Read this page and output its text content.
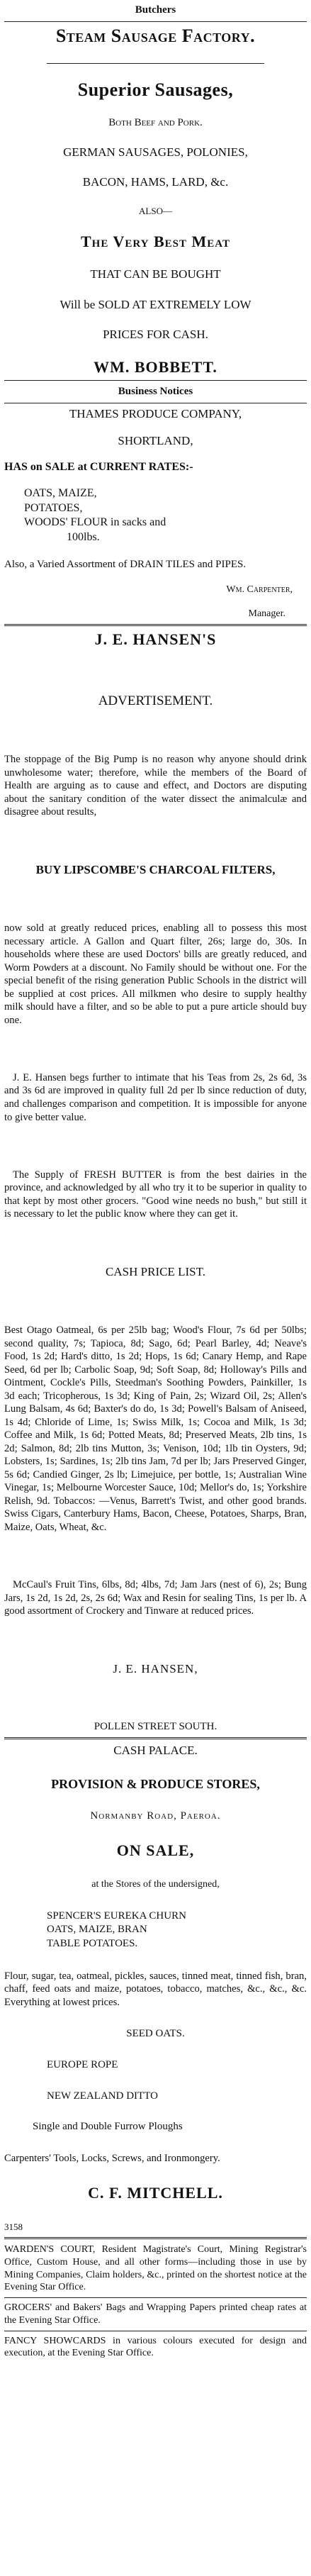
Butchers
Steam Sausage Factory.
Superior Sausages,
Both Beef and Pork.
GERMAN SAUSAGES, POLONIES,
BACON, HAMS, LARD, &c.
ALSO—
The Very Best Meat
THAT CAN BE BOUGHT
Will be SOLD AT EXTREMELY LOW
PRICES FOR CASH.
WM. BOBBETT.
Business Notices
THAMES PRODUCE COMPANY,
SHORTLAND,
HAS on SALE at CURRENT RATES:-
OATS, MAIZE,
POTATOES,
WOODS' FLOUR in sacks and
100lbs.
Also, a Varied Assortment of DRAIN TILES and PIPES.
Wm. Carpenter,
Manager.
J. E. HANSEN'S
ADVERTISEMENT.

The stoppage of the Big Pump is no reason why anyone should drink unwholesome water; therefore, while the members of the Board of Health are arguing as to cause and effect, and Doctors are disputing about the sanitary condition of the water dissect the animalculæ and disagree about results,

BUY LIPSCOMBE'S CHARCOAL FILTERS,

now sold at greatly reduced prices, enabling all to possess this most necessary article. A Gallon and Quart filter, 26s; large do, 30s. In households where these are used Doctors' bills are greatly reduced, and Worm Powders at a discount. No Family should be without one. For the special benefit of the rising generation Public Schools in the district will be supplied at cost prices. All milkmen who desire to supply healthy milk should have a filter, and so be able to put a pure article should buy one.

J. E. Hansen begs further to intimate that his Teas from 2s, 2s 6d, 3s and 3s 6d are improved in quality full 2d per lb since reduction of duty, and challenges comparison and competition. It is impossible for anyone to give better value.

The Supply of FRESH BUTTER is from the best dairies in the province, and acknowledged by all who try it to be superior in quality to that kept by most other grocers. "Good wine needs no bush," but still it is necessary to let the public know where they can get it.

CASH PRICE LIST.

Best Otago Oatmeal, 6s per 25lb bag; Wood's Flour, 7s 6d per 50lbs; second quality, 7s; Tapioca, 8d; Sago, 6d; Pearl Barley, 4d; Neave's Food, 1s 2d; Hard's ditto, 1s 2d; Hops, 1s 6d; Canary Hemp, and Rape Seed, 6d per lb; Carbolic Soap, 9d; Soft Soap, 8d; Holloway's Pills and Ointment, Cockle's Pills, Steedman's Soothing Powders, Painkiller, 1s 3d each; Tricopherous, 1s 3d; King of Pain, 2s; Wizard Oil, 2s; Allen's Lung Balsam, 4s 6d; Baxter's do do, 1s 3d; Powell's Balsam of Aniseed, 1s 4d; Chloride of Lime, 1s; Swiss Milk, 1s; Cocoa and Milk, 1s 3d; Coffee and Milk, 1s 6d; Potted Meats, 8d; Preserved Meats, 2lb tins, 1s 2d; Salmon, 8d; 2lb tins Mutton, 3s; Venison, 10d; 1lb tin Oysters, 9d; Lobsters, 1s; Sardines, 1s; 2lb tins Jam, 7d per lb; Jars Preserved Ginger, 5s 6d; Candied Ginger, 2s lb; Limejuice, per bottle, 1s; Australian Wine Vinegar, 1s; Melbourne Worcester Sauce, 10d; Mellor's do, 1s; Yorkshire Relish, 9d. Tobaccos: —Venus, Barrett's Twist, and other good brands. Swiss Cigars, Canterbury Hams, Bacon, Cheese, Potatoes, Sharps, Bran, Maize, Oats, Wheat, &c.

McCaul's Fruit Tins, 6lbs, 8d; 4lbs, 7d; Jam Jars (nest of 6), 2s; Bung Jars, 1s 2d, 1s 2d, 2s, 2s 6d; Wax and Resin for sealing Tins, 1s per lb. A good assortment of Crockery and Tinware at reduced prices.

J. E. HANSEN,
POLLEN STREET SOUTH.
CASH PALACE.
PROVISION & PRODUCE STORES,
Normanby Road, Paeroa.
ON SALE,
at the Stores of the undersigned,
SPENCER'S EUREKA CHURN
OATS, MAIZE, BRAN
TABLE POTATOES.

Flour, sugar, tea, oatmeal, pickles, sauces, tinned meat, tinned fish, bran, chaff, feed oats and maize, potatoes, tobacco, matches, &c., &c., &c. Everything at lowest prices.

SEED OATS.
EUROPE ROPE
NEW ZEALAND DITTO
Single and Double Furrow Ploughs

Carpenters' Tools, Locks, Screws, and Ironmongery.

C. F. MITCHELL.
3158

WARDEN'S COURT, Resident Magistrate's Court, Mining Registrar's Office, Custom House, and all other forms—including those in use by Mining Companies, Claim holders, &c., printed on the shortest notice at the Evening Star Office.

GROCERS' and Bakers' Bags and Wrapping Papers printed cheap rates at the Evening Star Office.

FANCY SHOWCARDS in various colours executed for design and execution, at the Evening Star Office.
